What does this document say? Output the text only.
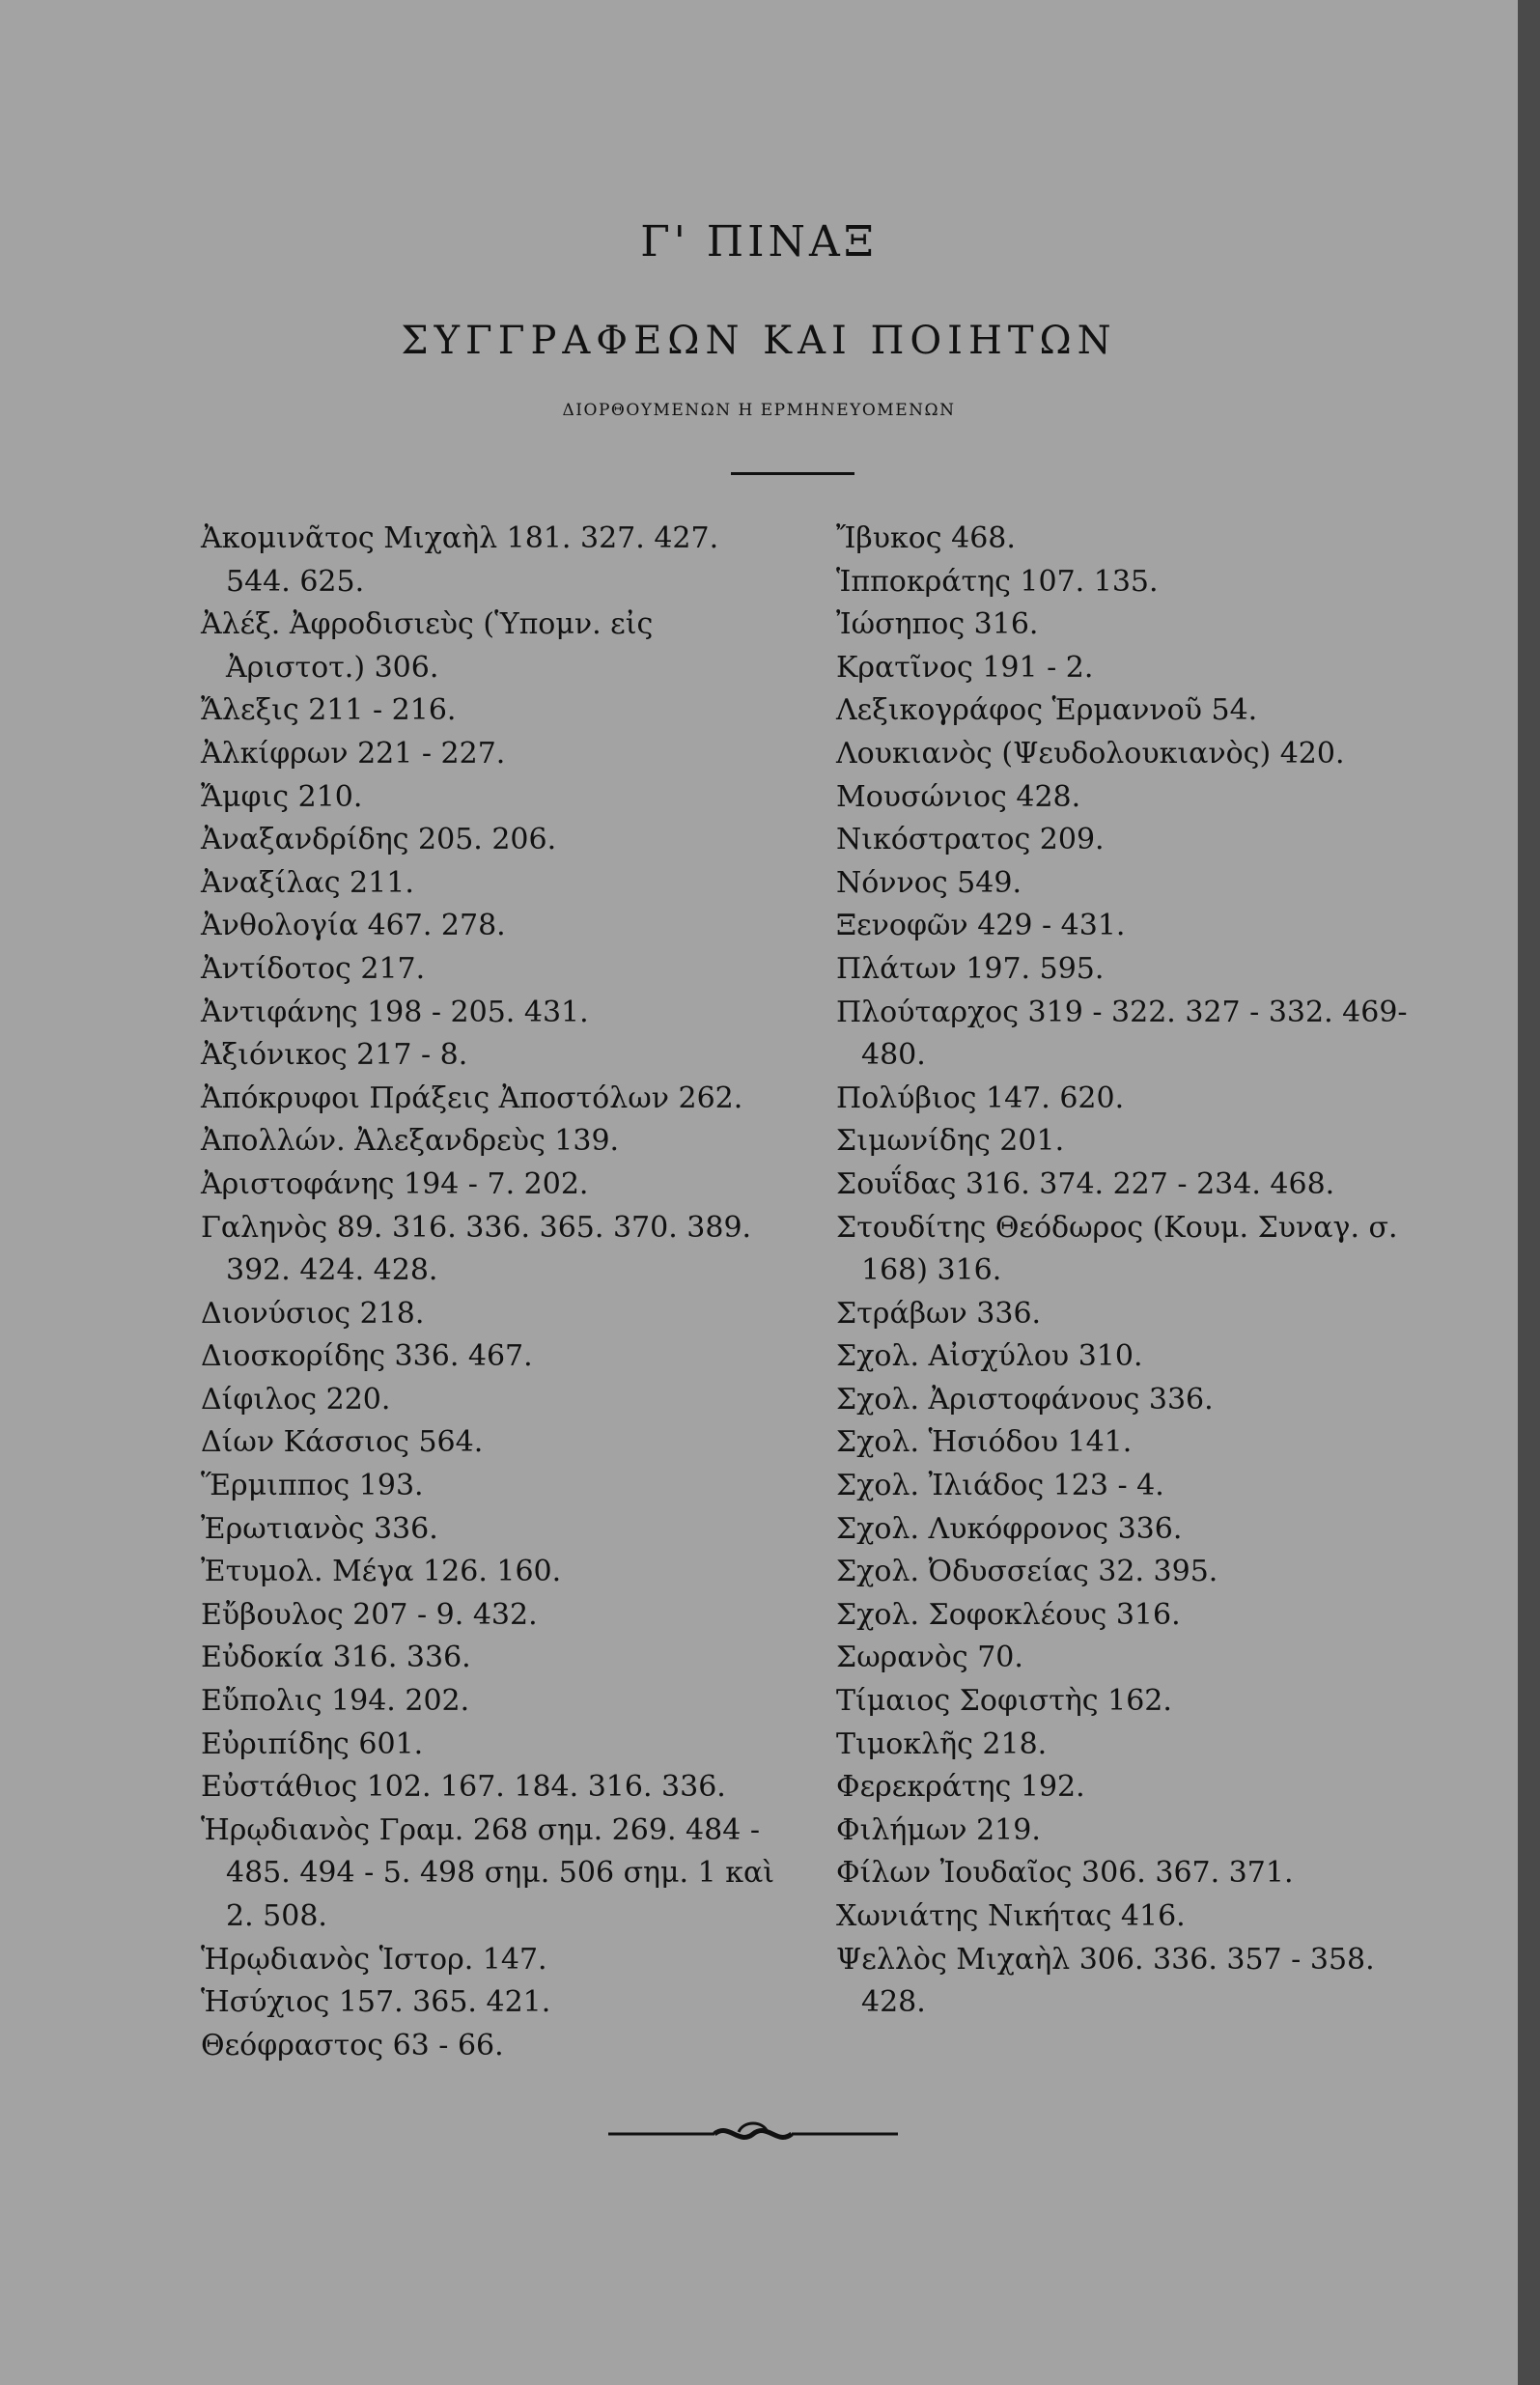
Γ' ΠΙΝΑΞ
ΣΥΓΓΡΑΦΕΩΝ ΚΑΙ ΠΟΙΗΤΩΝ
ΔΙΟΡΘΟΥΜΕΝΩΝ Η ΕΡΜΗΝΕΥΟΜΕΝΩΝ
Ἀκομινᾶτος Μιχαὴλ 181. 327. 427. 544. 625.
Ἀλέξ. Ἀφροδισιεὺς (Ὑπομν. εἰς Ἀριστοτ.) 306.
Ἄλεξις 211 - 216.
Ἀλκίφρων 221 - 227.
Ἄμφις 210.
Ἀναξανδρίδης 205. 206.
Ἀναξίλας 211.
Ἀνθολογία 467. 278.
Ἀντίδοτος 217.
Ἀντιφάνης 198 - 205. 431.
Ἀξιόνικος 217 - 8.
Ἀπόκρυφοι Πράξεις Ἀποστόλων 262.
Ἀπολλών. Ἀλεξανδρεὺς 139.
Ἀριστοφάνης 194 - 7. 202.
Γαληνὸς 89. 316. 336. 365. 370. 389. 392. 424. 428.
Διονύσιος 218.
Διοσκορίδης 336. 467.
Δίφιλος 220.
Δίων Κάσσιος 564.
Ἕρμιππος 193.
Ἐρωτιανὸς 336.
Ἐτυμολ. Μέγα 126. 160.
Εὔβουλος 207 - 9. 432.
Εὐδοκία 316. 336.
Εὔπολις 194. 202.
Εὐριπίδης 601.
Εὐστάθιος 102. 167. 184. 316. 336.
Ἡρῳδιανὸς Γραμ. 268 σημ. 269. 484 - 485. 494 - 5. 498 σημ. 506 σημ. 1 καὶ 2. 508.
Ἡρῳδιανὸς Ἱστορ. 147.
Ἡσύχιος 157. 365. 421.
Θεόφραστος 63 - 66.
Ἴβυκος 468.
Ἱπποκράτης 107. 135.
Ἰώσηπος 316.
Κρατῖνος 191 - 2.
Λεξικογράφος Ἑρμαννοῦ 54.
Λουκιανὸς (Ψευδολουκιανὸς) 420.
Μουσώνιος 428.
Νικόστρατος 209.
Νόννος 549.
Ξενοφῶν 429 - 431.
Πλάτων 197. 595.
Πλούταρχος 319 - 322. 327 - 332. 469-480.
Πολύβιος 147. 620.
Σιμωνίδης 201.
Σουΐδας 316. 374. 227 - 234. 468.
Στουδίτης Θεόδωρος (Κουμ. Συναγ. σ. 168) 316.
Στράβων 336.
Σχολ. Αἰσχύλου 310.
Σχολ. Ἀριστοφάνους 336.
Σχολ. Ἡσιόδου 141.
Σχολ. Ἰλιάδος 123 - 4.
Σχολ. Λυκόφρονος 336.
Σχολ. Ὀδυσσείας 32. 395.
Σχολ. Σοφοκλέους 316.
Σωρανὸς 70.
Τίμαιος Σοφιστὴς 162.
Τιμοκλῆς 218.
Φερεκράτης 192.
Φιλήμων 219.
Φίλων Ἰουδαῖος 306. 367. 371.
Χωνιάτης Νικήτας 416.
Ψελλὸς Μιχαὴλ 306. 336. 357 - 358. 428.
